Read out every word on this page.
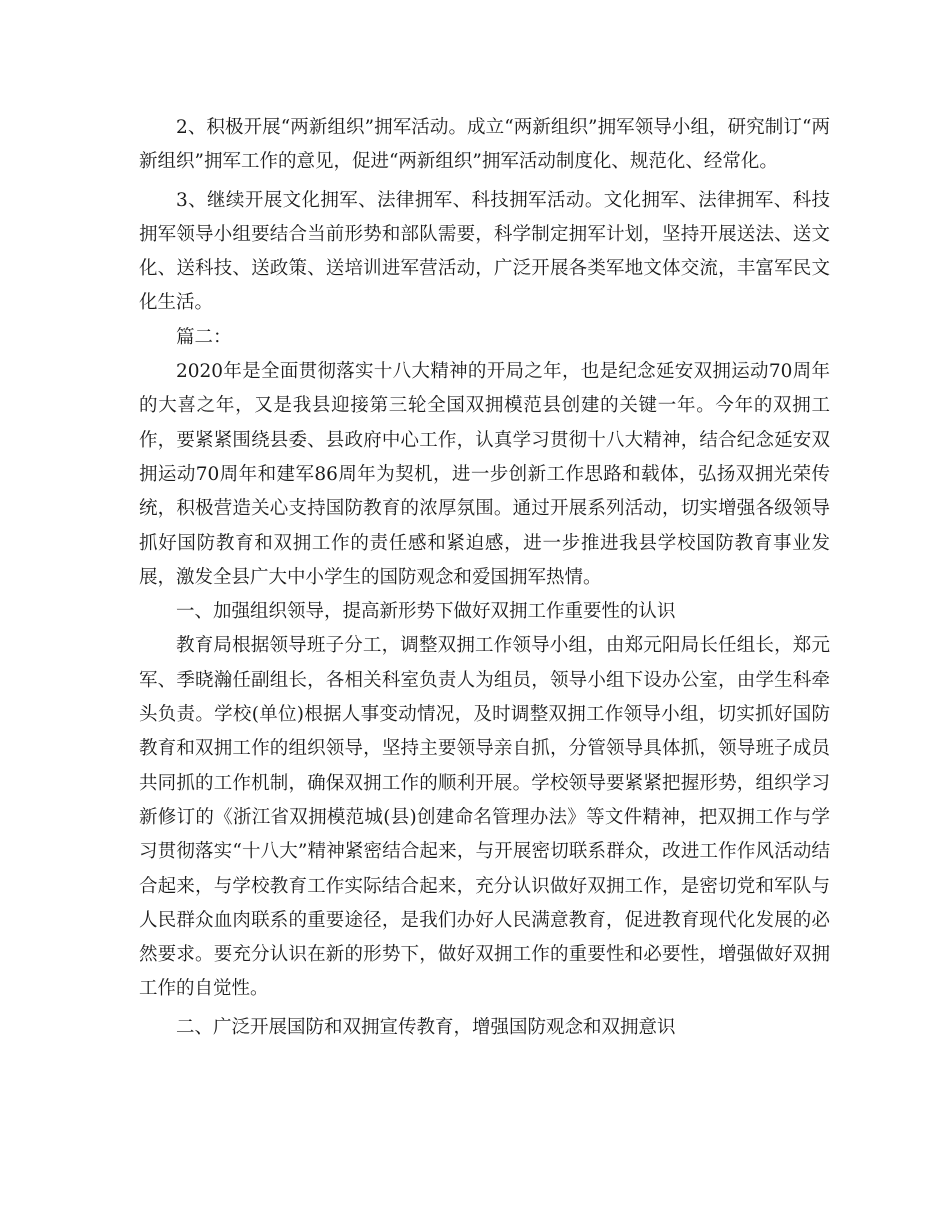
2、积极开展“两新组织”拥军活动。成立“两新组织”拥军领导小组，研究制订“两新组织”拥军工作的意见，促进“两新组织”拥军活动制度化、规范化、经常化。

3、继续开展文化拥军、法律拥军、科技拥军活动。文化拥军、法律拥军、科技拥军领导小组要结合当前形势和部队需要，科学制定拥军计划，坚持开展送法、送文化、送科技、送政策、送培训进军营活动，广泛开展各类军地文体交流，丰富军民文化生活。

篇二：

2020年是全面贯彻落实十八大精神的开局之年，也是纪念延安双拥运动70周年的大喜之年，又是我县迎接第三轮全国双拥模范县创建的关键一年。今年的双拥工作，要紧紧围绕县委、县政府中心工作，认真学习贯彻十八大精神，结合纪念延安双拥运动70周年和建军86周年为契机，进一步创新工作思路和载体，弘扬双拥光荣传统，积极营造关心支持国防教育的浓厚氛围。通过开展系列活动，切实增强各级领导抓好国防教育和双拥工作的责任感和紧迫感，进一步推进我县学校国防教育事业发展，激发全县广大中小学生的国防观念和爱国拥军热情。

一、加强组织领导，提高新形势下做好双拥工作重要性的认识

教育局根据领导班子分工，调整双拥工作领导小组，由郑元阳局长任组长，郑元军、季晓瀚任副组长，各相关科室负责人为组员，领导小组下设办公室，由学生科牵头负责。学校(单位)根据人事变动情况，及时调整双拥工作领导小组，切实抓好国防教育和双拥工作的组织领导，坚持主要领导亲自抓，分管领导具体抓，领导班子成员共同抓的工作机制，确保双拥工作的顺利开展。学校领导要紧紧把握形势，组织学习新修订的《浙江省双拥模范城(县)创建命名管理办法》等文件精神，把双拥工作与学习贯彻落实“十八大”精神紧密结合起来，与开展密切联系群众，改进工作作风活动结合起来，与学校教育工作实际结合起来，充分认识做好双拥工作，是密切党和军队与人民群众血肉联系的重要途径，是我们办好人民满意教育，促进教育现代化发展的必然要求。要充分认识在新的形势下，做好双拥工作的重要性和必要性，增强做好双拥工作的自觉性。

二、广泛开展国防和双拥宣传教育，增强国防观念和双拥意识
